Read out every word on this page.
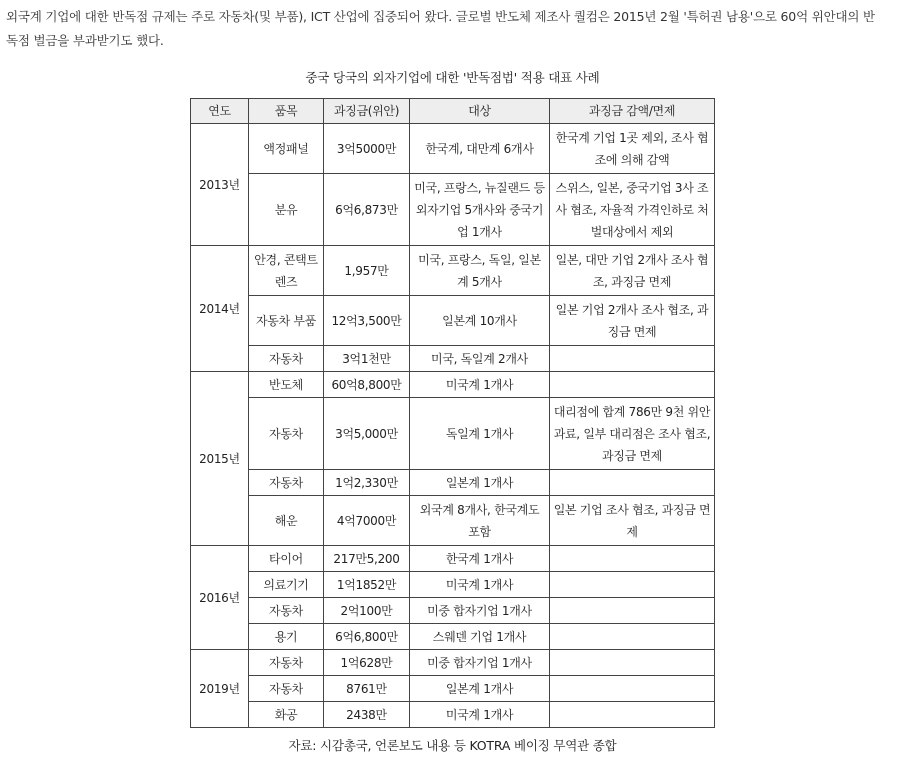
외국계 기업에 대한 반독점 규제는 주로 자동차(및 부품), ICT 산업에 집중되어 왔다. 글로벌 반도체 제조사 퀄컴은 2015년 2월 '특허권 남용'으로 60억 위안대의 반독점 벌금을 부과받기도 했다.

중국 당국의 외자기업에 대한 '반독점법' 적용 대표 사례
연도	품목	과징금(위안)	대상	과징금 감액/면제
2013년	액정패널	3억5000만	한국계, 대만계 6개사	한국계 기업 1곳 제외, 조사 협조에 의해 감액
	분유	6억6,873만	미국, 프랑스, 뉴질랜드 등 외자기업 5개사와 중국기업 1개사	스위스, 일본, 중국기업 3사 조사 협조, 자율적 가격인하로 처벌대상에서 제외
2014년	안경, 콘택트렌즈	1,957만	미국, 프랑스, 독일, 일본계 5개사	일본, 대만 기업 2개사 조사 협조, 과징금 면제
	자동차 부품	12억3,500만	일본계 10개사	일본 기업 2개사 조사 협조, 과징금 면제
	자동차	3억1천만	미국, 독일계 2개사	
2015년	반도체	60억8,800만	미국계 1개사	
	자동차	3억5,000만	독일계 1개사	대리점에 합계 786만 9천 위안 과료, 일부 대리점은 조사 협조, 과징금 면제
	자동차	1억2,330만	일본계 1개사	
	해운	4억7000만	외국계 8개사, 한국계도 포함	일본 기업 조사 협조, 과징금 면제
2016년	타이어	217만5,200	한국계 1개사	
	의료기기	1억1852만	미국계 1개사	
	자동차	2억100만	미중 합자기업 1개사	
	용기	6억6,800만	스웨덴 기업 1개사	
2019년	자동차	1억628만	미중 합자기업 1개사	
	자동차	8761만	일본계 1개사	
	화공	2438만	미국계 1개사	
자료: 시감총국, 언론보도 내용 등 KOTRA 베이징 무역관 종합
